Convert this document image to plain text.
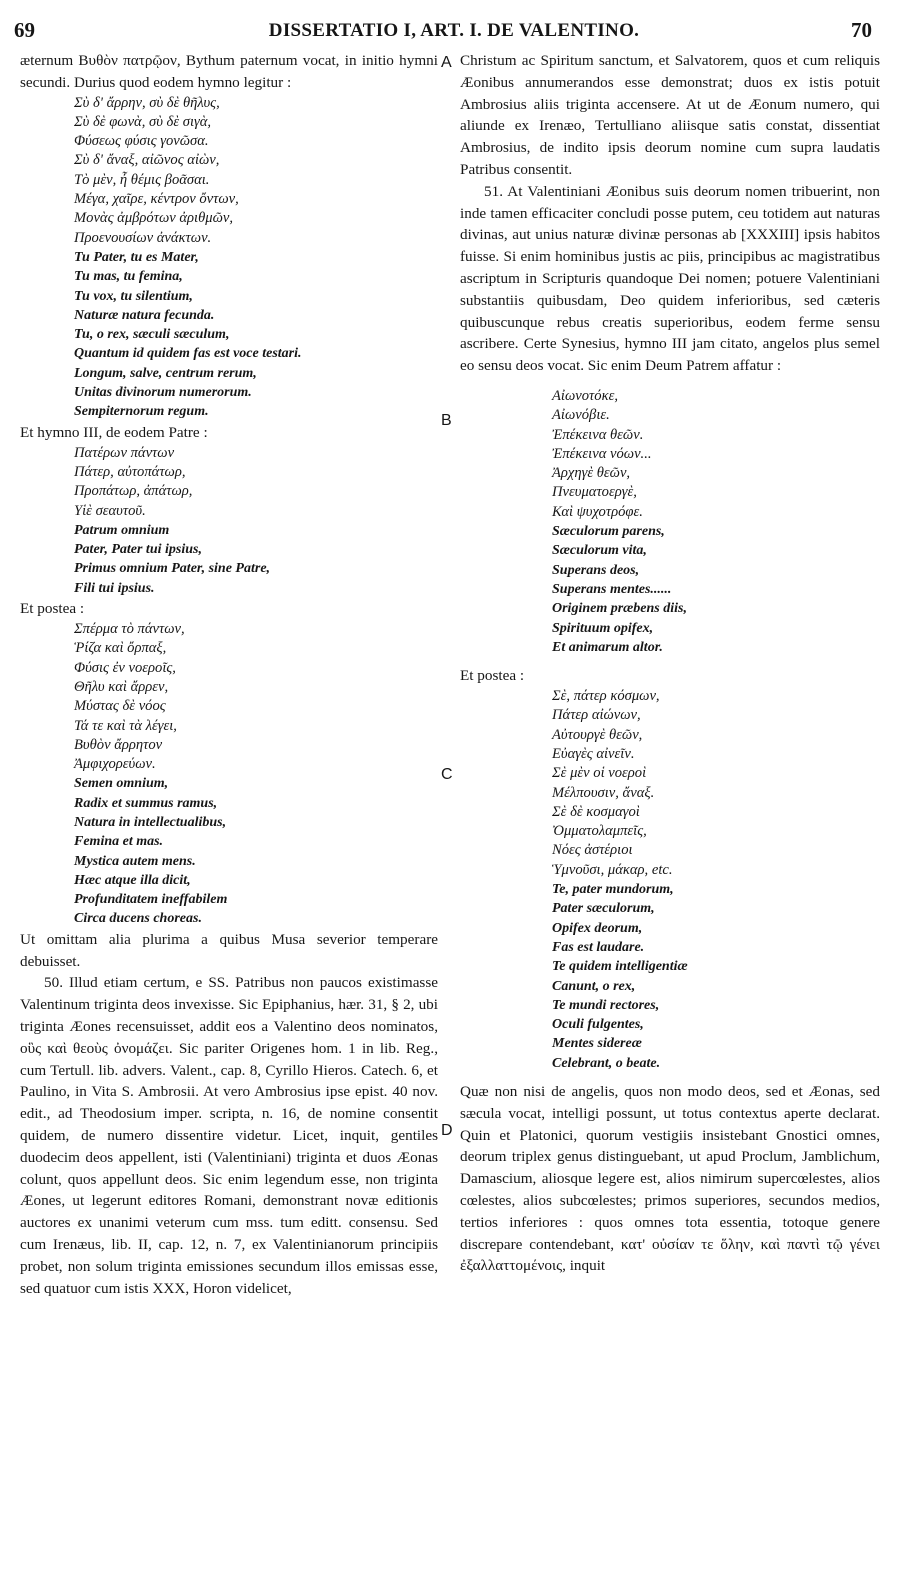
69	DISSERTATIO I, ART. I. DE VALENTINO.	70
A
B
C
D

æternum Βυθὸν πατρῷον, Bythum paternum vocat, in initio hymni secundi. Durius quod eodem hymno legitur :

Σὺ δ' ἄρρην, σὺ δὲ θῆλυς,
Σὺ δὲ φωνὰ, σὺ δὲ σιγὰ,
Φύσεως φύσις γονῶσα.
Σὺ δ' ἄναξ, αἰῶνος αἰὼν,
Τὸ μὲν, ἦ θέμις βοᾶσαι.
Μέγα, χαῖρε, κέντρον ὄντων,
Μονὰς ἀμβρότων ἀριθμῶν,
Προενουσίων ἀνάκτων.
Tu Pater, tu es Mater,
Tu mas, tu femina,
Tu vox, tu silentium,
Naturæ natura fecunda.
Tu, o rex, sæculi sæculum,
Quantum id quidem fas est voce testari.
Longum, salve, centrum rerum,
Unitas divinorum numerorum.
Sempiternorum regum.

Et hymno III, de eodem Patre :

Πατέρων πάντων
Πάτερ, αὐτοπάτωρ,
Προπάτωρ, ἀπάτωρ,
Υἱὲ σεαυτοῦ.
Patrum omnium
Pater, Pater tui ipsius,
Primus omnium Pater, sine Patre,
Fili tui ipsius.

Et postea :

Σπέρμα τὸ πάντων,
Ῥίζα καὶ ὄρπαξ,
Φύσις ἐν νοεροῖς,
Θῆλυ καὶ ἄρρεν,
Μύστας δὲ νόος
Τά τε καὶ τὰ λέγει,
Βυθὸν ἄρρητον
Ἀμφιχορεύων.
Semen omnium,
Radix et summus ramus,
Natura in intellectualibus,
Femina et mas.
Mystica autem mens.
Hæc atque illa dicit,
Profunditatem ineffabilem
Circa ducens choreas.

Ut omittam alia plurima a quibus Musa severior temperare debuisset.

50. Illud etiam certum, e SS. Patribus non paucos existimasse Valentinum triginta deos invexisse. Sic Epiphanius, hær. 31, § 2, ubi triginta Æones recensuisset, addit eos a Valentino deos nominatos, οὓς καὶ θεοὺς ὀνομάζει. Sic pariter Origenes hom. 1 in lib. Reg., cum Tertull. lib. advers. Valent., cap. 8, Cyrillo Hieros. Catech. 6, et Paulino, in Vita S. Ambrosii. At vero Ambrosius ipse epist. 40 nov. edit., ad Theodosium imper. scripta, n. 16, de nomine consentit quidem, de numero dissentire videtur. Licet, inquit, gentiles duodecim deos appellent, isti (Valentiniani) triginta et duos Æonas colunt, quos appellunt deos. Sic enim legendum esse, non triginta Æones, ut legerunt editores Romani, demonstrant novæ editionis auctores ex unanimi veterum cum mss. tum editt. consensu. Sed cum Irenæus, lib. II, cap. 12, n. 7, ex Valentinianorum principiis probet, non solum triginta emissiones secundum illos emissas esse, sed quatuor cum istis XXX, Horon videlicet,

Christum ac Spiritum sanctum, et Salvatorem, quos et cum reliquis Æonibus annumerandos esse demonstrat; duos ex istis potuit Ambrosius aliis triginta accensere. At ut de Æonum numero, qui aliunde ex Irenæo, Tertulliano aliisque satis constat, dissentiat Ambrosius, de indito ipsis deorum nomine cum supra laudatis Patribus consentit.

51. At Valentiniani Æonibus suis deorum nomen tribuerint, non inde tamen efficaciter concludi posse putem, ceu totidem aut naturas divinas, aut unius naturæ divinæ personas ab [XXXIII] ipsis habitos fuisse. Si enim hominibus justis ac piis, principibus ac magistratibus ascriptum in Scripturis quandoque Dei nomen; potuere Valentiniani substantiis quibusdam, Deo quidem inferioribus, sed cæteris quibuscunque rebus creatis superioribus, eodem ferme sensu ascribere. Certe Synesius, hymno III jam citato, angelos plus semel eo sensu deos vocat. Sic enim Deum Patrem affatur :

Αἰωνοτόκε,
Αἰωνόβιε.
Ἐπέκεινα θεῶν.
Ἐπέκεινα νόων...
Ἀρχηγὲ θεῶν,
Πνευματοεργὲ,
Καὶ ψυχοτρόφε.
Sæculorum parens,
Sæculorum vita,
Superans deos,
Superans mentes......
Originem præbens diis,
Spirituum opifex,
Et animarum altor.

Et postea :

Σὲ, πάτερ κόσμων,
Πάτερ αἰώνων,
Αὐτουργὲ θεῶν,
Εὐαγὲς αἰνεῖν.
Σὲ μὲν οἱ νοεροὶ
Μέλπουσιν, ἄναξ.
Σὲ δὲ κοσμαγοὶ
Ὀμματολαμπεῖς,
Νόες ἀστέριοι
Ὑμνοῦσι, μάκαρ, etc.
Te, pater mundorum,
Pater sæculorum,
Opifex deorum,
Fas est laudare.
Te quidem intelligentiæ
Canunt, o rex,
Te mundi rectores,
Oculi fulgentes,
Mentes sidereæ
Celebrant, o beate.

Quæ non nisi de angelis, quos non modo deos, sed et Æonas, sed sæcula vocat, intelligi possunt, ut totus contextus aperte declarat. Quin et Platonici, quorum vestigiis insistebant Gnostici omnes, deorum triplex genus distinguebant, ut apud Proclum, Jamblichum, Damascium, aliosque legere est, alios nimirum supercœlestes, alios cœlestes, alios subcœlestes; primos superiores, secundos medios, tertios inferiores : quos omnes tota essentia, totoque genere discrepare contendebant, κατ' οὐσίαν τε ὅλην, καὶ παντὶ τῷ γένει ἐξαλλαττομένοις, inquit
